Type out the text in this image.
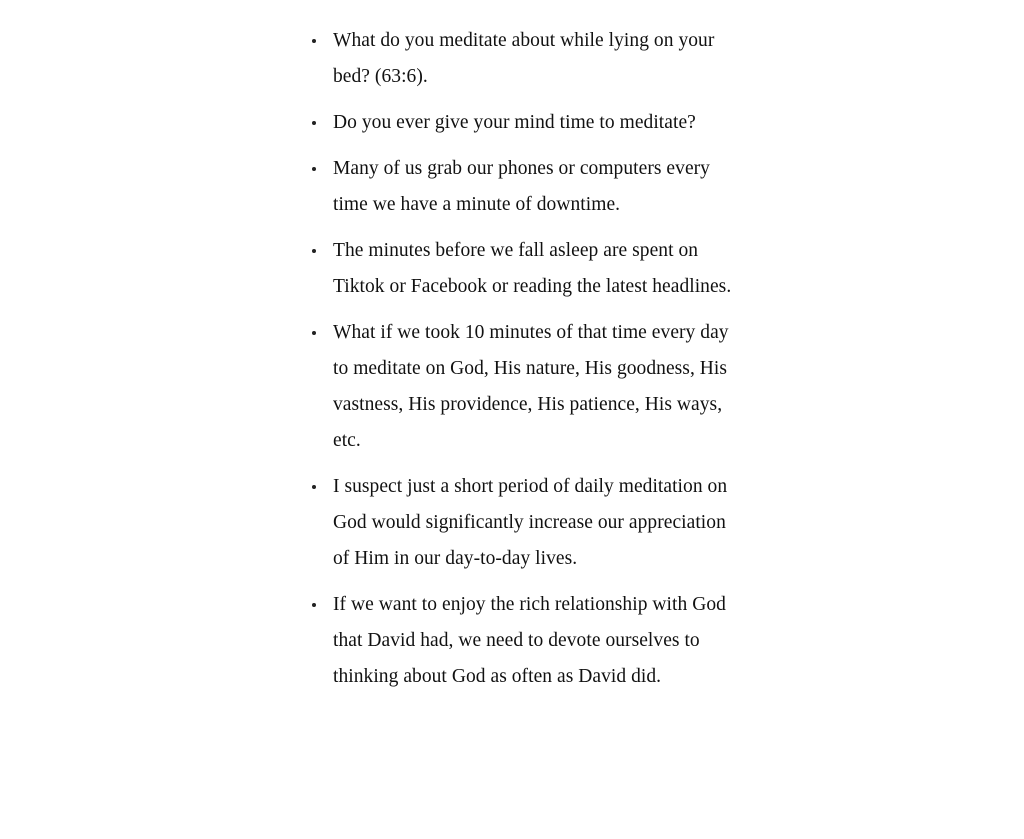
What do you meditate about while lying on your bed? (63:6).
Do you ever give your mind time to meditate?
Many of us grab our phones or computers every time we have a minute of downtime.
The minutes before we fall asleep are spent on Tiktok or Facebook or reading the latest headlines.
What if we took 10 minutes of that time every day to meditate on God, His nature, His goodness, His vastness, His providence, His patience, His ways, etc.
I suspect just a short period of daily meditation on God would significantly increase our appreciation of Him in our day-to-day lives.
If we want to enjoy the rich relationship with God that David had, we need to devote ourselves to thinking about God as often as David did.
